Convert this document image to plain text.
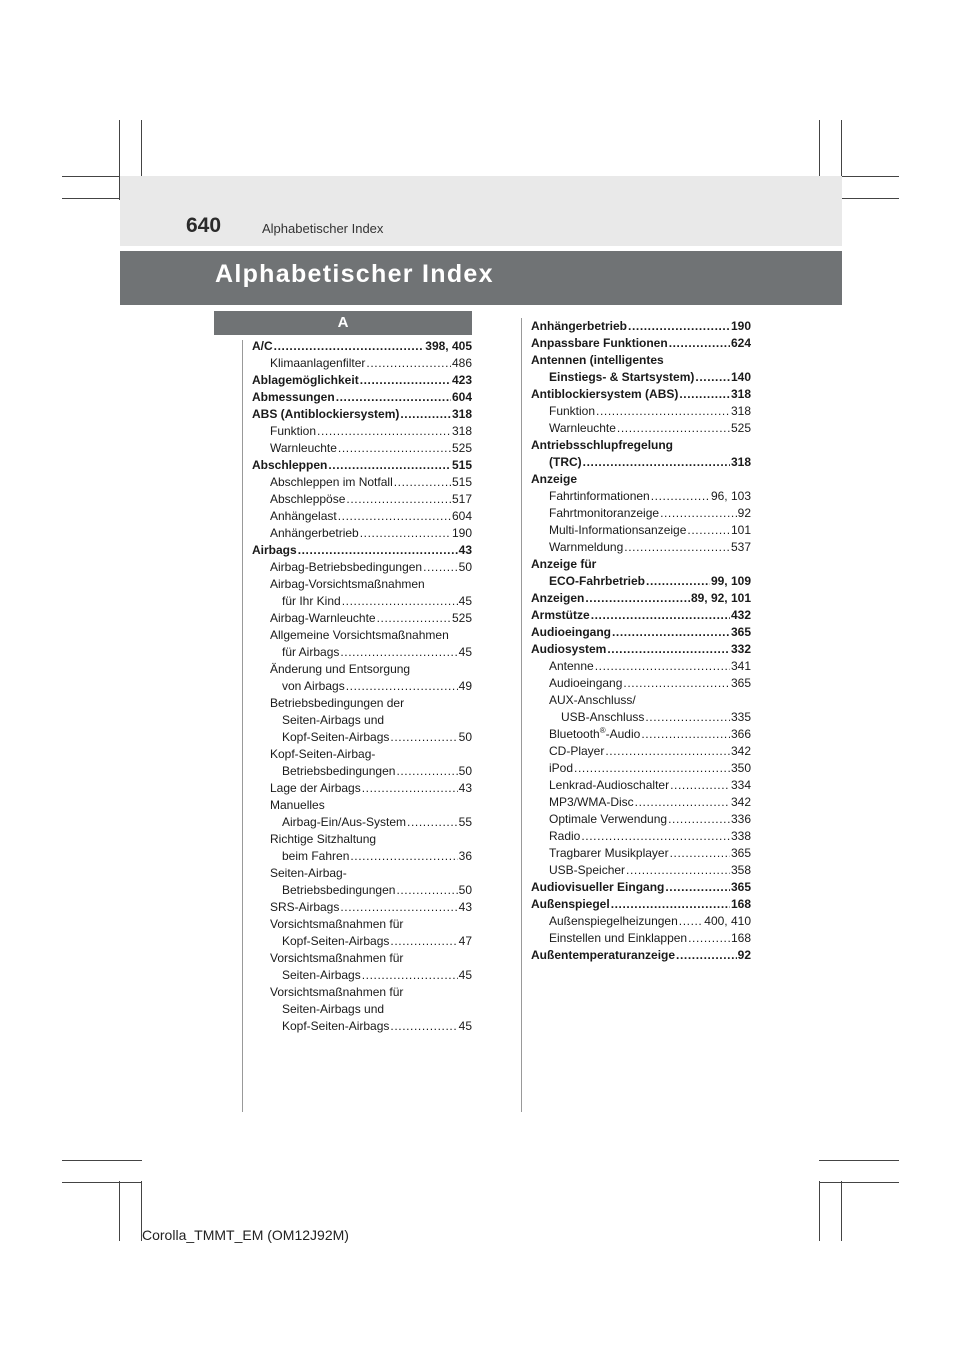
640	Alphabetischer Index
Alphabetischer Index
A
A/C .....	398, 405
Klimaanlagenfilter .....	486
Ablagemöglichkeit .....	423
Abmessungen .....	604
ABS (Antiblockiersystem) .....	318
Funktion .....	318
Warnleuchte .....	525
Abschleppen .....	515
Abschleppen im Notfall .....	515
Abschleppöse .....	517
Anhängelast .....	604
Anhängerbetrieb .....	190
Airbags .....	43
Airbag-Betriebsbedingungen .....	50
Airbag-Vorsichtsmaßnahmen
für Ihr Kind .....	45
Airbag-Warnleuchte .....	525
Allgemeine Vorsichtsmaßnahmen
für Airbags .....	45
Änderung und Entsorgung
von Airbags .....	49
Betriebsbedingungen der
Seiten-Airbags und
Kopf-Seiten-Airbags .....	50
Kopf-Seiten-Airbag-
Betriebsbedingungen .....	50
Lage der Airbags .....	43
Manuelles
Airbag-Ein/Aus-System .....	55
Richtige Sitzhaltung
beim Fahren .....	36
Seiten-Airbag-
Betriebsbedingungen .....	50
SRS-Airbags .....	43
Vorsichtsmaßnahmen für
Kopf-Seiten-Airbags .....	47
Vorsichtsmaßnahmen für
Seiten-Airbags .....	45
Vorsichtsmaßnahmen für
Seiten-Airbags und
Kopf-Seiten-Airbags .....	45
Anhängerbetrieb .....	190
Anpassbare Funktionen .....	624
Antennen (intelligentes
Einstiegs- & Startsystem) .....	140
Antiblockiersystem (ABS) .....	318
Funktion .....	318
Warnleuchte .....	525
Antriebsschlupfregelung
(TRC) .....	318
Anzeige
Fahrtinformationen .....	96, 103
Fahrtmonitoranzeige .....	92
Multi-Informationsanzeige .....	101
Warnmeldung .....	537
Anzeige für
ECO-Fahrbetrieb .....	99, 109
Anzeigen .....	89, 92, 101
Armstütze .....	432
Audioeingang .....	365
Audiosystem .....	332
Antenne .....	341
Audioeingang .....	365
AUX-Anschluss/
USB-Anschluss .....	335
Bluetooth®-Audio .....	366
CD-Player .....	342
iPod .....	350
Lenkrad-Audioschalter .....	334
MP3/WMA-Disc .....	342
Optimale Verwendung .....	336
Radio .....	338
Tragbarer Musikplayer .....	365
USB-Speicher .....	358
Audiovisueller Eingang .....	365
Außenspiegel .....	168
Außenspiegelheizungen ..... 400, 410
Einstellen und Einklappen .....	168
Außentemperaturanzeige .....	92
Corolla_TMMT_EM (OM12J92M)
